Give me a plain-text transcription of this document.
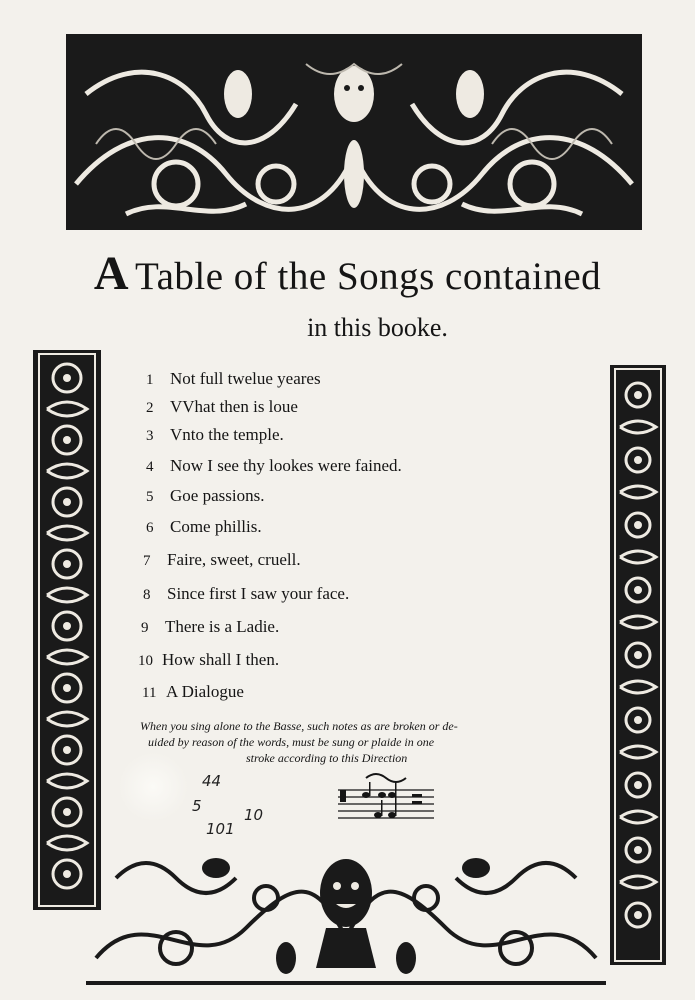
A Table of the Songs contained
in this booke.
1 Not full twelue yeares
2 VVhat then is loue
3 Vnto the temple.
4 Now I see thy lookes were fained.
5 Goe passions.
6 Come phillis.
7 Faire, sweet, cruell.
8 Since first I saw your face.
9 There is a Ladie.
10 How shall I then.
11 A Dialogue
When you sing alone to the Basse, such notes as are broken or de-
uided by reason of the words, must be sung or plaide in one
stroke according to this Direction
44
5	10
101
